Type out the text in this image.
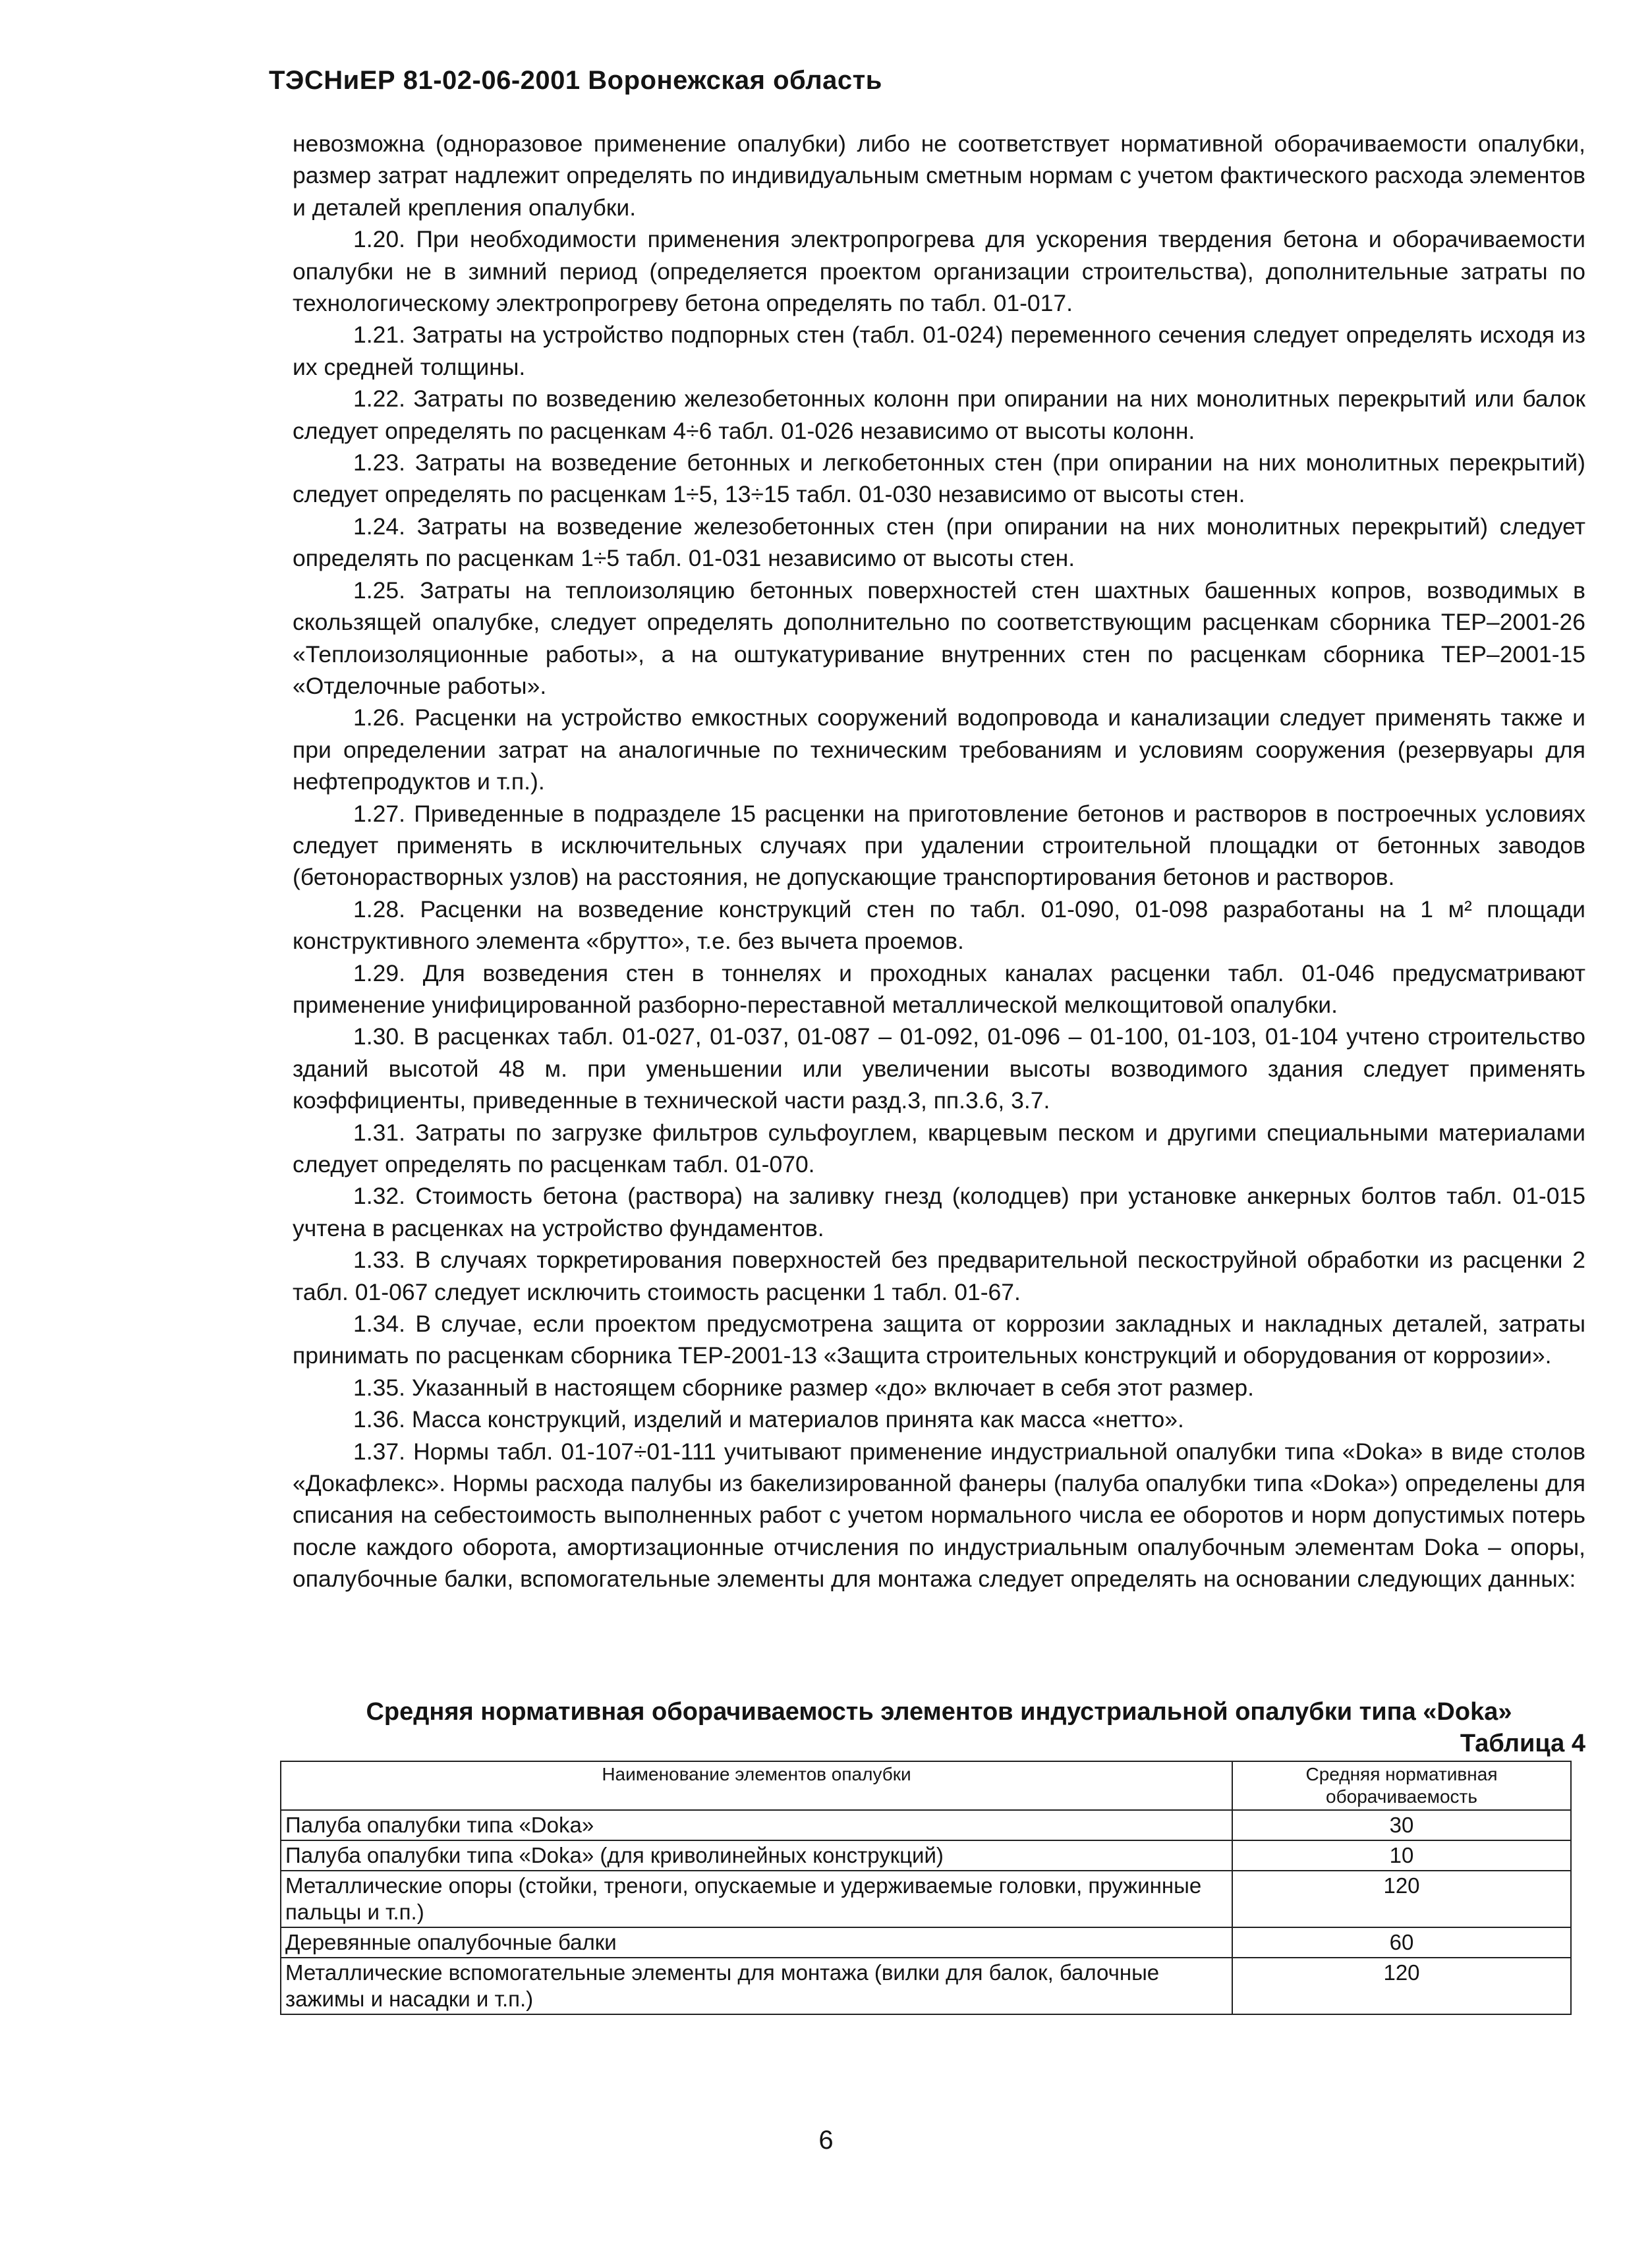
ТЭСНиЕР 81-02-06-2001 Воронежская область

невозможна (одноразовое применение опалубки) либо не соответствует нормативной оборачиваемости опалубки, размер затрат надлежит определять по индивидуальным сметным нормам с учетом фактического расхода элементов и деталей крепления опалубки.

1.20. При необходимости применения электропрогрева для ускорения твердения бетона и оборачиваемости опалубки не в зимний период (определяется проектом организации строительства), дополнительные затраты по технологическому электропрогреву бетона определять по табл. 01-017.

1.21. Затраты на устройство подпорных стен (табл. 01-024) переменного сечения следует определять исходя из их средней толщины.

1.22. Затраты по возведению железобетонных колонн при опирании на них монолитных перекрытий или балок следует определять по расценкам 4÷6 табл. 01-026 независимо от высоты колонн.

1.23. Затраты на возведение бетонных и легкобетонных стен (при опирании на них монолитных перекрытий) следует определять по расценкам 1÷5, 13÷15 табл. 01-030 независимо от высоты стен.

1.24. Затраты на возведение железобетонных стен (при опирании на них монолитных перекрытий) следует определять по расценкам 1÷5 табл. 01-031 независимо от высоты стен.

1.25. Затраты на теплоизоляцию бетонных поверхностей стен шахтных башенных копров, возводимых в скользящей опалубке, следует определять дополнительно по соответствующим расценкам сборника ТЕР–2001-26 «Теплоизоляционные работы», а на оштукатуривание внутренних стен по расценкам сборника ТЕР–2001-15 «Отделочные работы».

1.26. Расценки на устройство емкостных сооружений водопровода и канализации следует применять также и при определении затрат на аналогичные по техническим требованиям и условиям сооружения (резервуары для нефтепродуктов и т.п.).

1.27. Приведенные в подразделе 15 расценки на приготовление бетонов и растворов в построечных условиях следует применять в исключительных случаях при удалении строительной площадки от бетонных заводов (бетонорастворных узлов) на расстояния, не допускающие транспортирования бетонов и растворов.

1.28. Расценки на возведение конструкций стен по табл. 01-090, 01-098 разработаны на 1 м² площади конструктивного элемента «брутто», т.е. без вычета проемов.

1.29. Для возведения стен в тоннелях и проходных каналах расценки табл. 01-046 предусматривают применение унифицированной разборно-переставной металлической мелкощитовой опалубки.

1.30. В расценках табл. 01-027, 01-037, 01-087 – 01-092, 01-096 – 01-100, 01-103, 01-104 учтено строительство зданий высотой 48 м. при уменьшении или увеличении высоты возводимого здания следует применять коэффициенты, приведенные в технической части разд.3, пп.3.6, 3.7.

1.31. Затраты по загрузке фильтров сульфоуглем, кварцевым песком и другими специальными материалами следует определять по расценкам табл. 01-070.

1.32. Стоимость бетона (раствора) на заливку гнезд (колодцев) при установке анкерных болтов табл. 01-015 учтена в расценках на устройство фундаментов.

1.33. В случаях торкретирования поверхностей без предварительной пескоструйной обработки из расценки 2 табл. 01-067 следует исключить стоимость расценки 1 табл. 01-67.

1.34. В случае, если проектом предусмотрена защита от коррозии закладных и накладных деталей, затраты принимать по расценкам сборника ТЕР-2001-13 «Защита строительных конструкций и оборудования от коррозии».

1.35. Указанный в настоящем сборнике размер «до» включает в себя этот размер.

1.36. Масса конструкций, изделий и материалов принята как масса «нетто».

1.37. Нормы табл. 01-107÷01-111 учитывают применение индустриальной опалубки типа «Doka» в виде столов «Докафлекс». Нормы расхода палубы из бакелизированной фанеры (палуба опалубки типа «Doka») определены для списания на себестоимость выполненных работ с учетом нормального числа ее оборотов и норм допустимых потерь после каждого оборота, амортизационные отчисления по индустриальным опалубочным элементам Doka – опоры, опалубочные балки, вспомогательные элементы для монтажа следует определять на основании следующих данных:

Средняя нормативная оборачиваемость элементов индустриальной опалубки типа «Doka»
Таблица 4
Наименование элементов опалубки	Средняя нормативная оборачиваемость
Палуба опалубки типа «Doka»	30
Палуба опалубки типа «Doka» (для криволинейных конструкций)	10
Металлические опоры (стойки, треноги, опускаемые и удерживаемые головки, пружинные пальцы и т.п.)	120
Деревянные опалубочные балки	60
Металлические вспомогательные элементы для монтажа (вилки для балок, балочные зажимы и насадки и т.п.)	120
6
